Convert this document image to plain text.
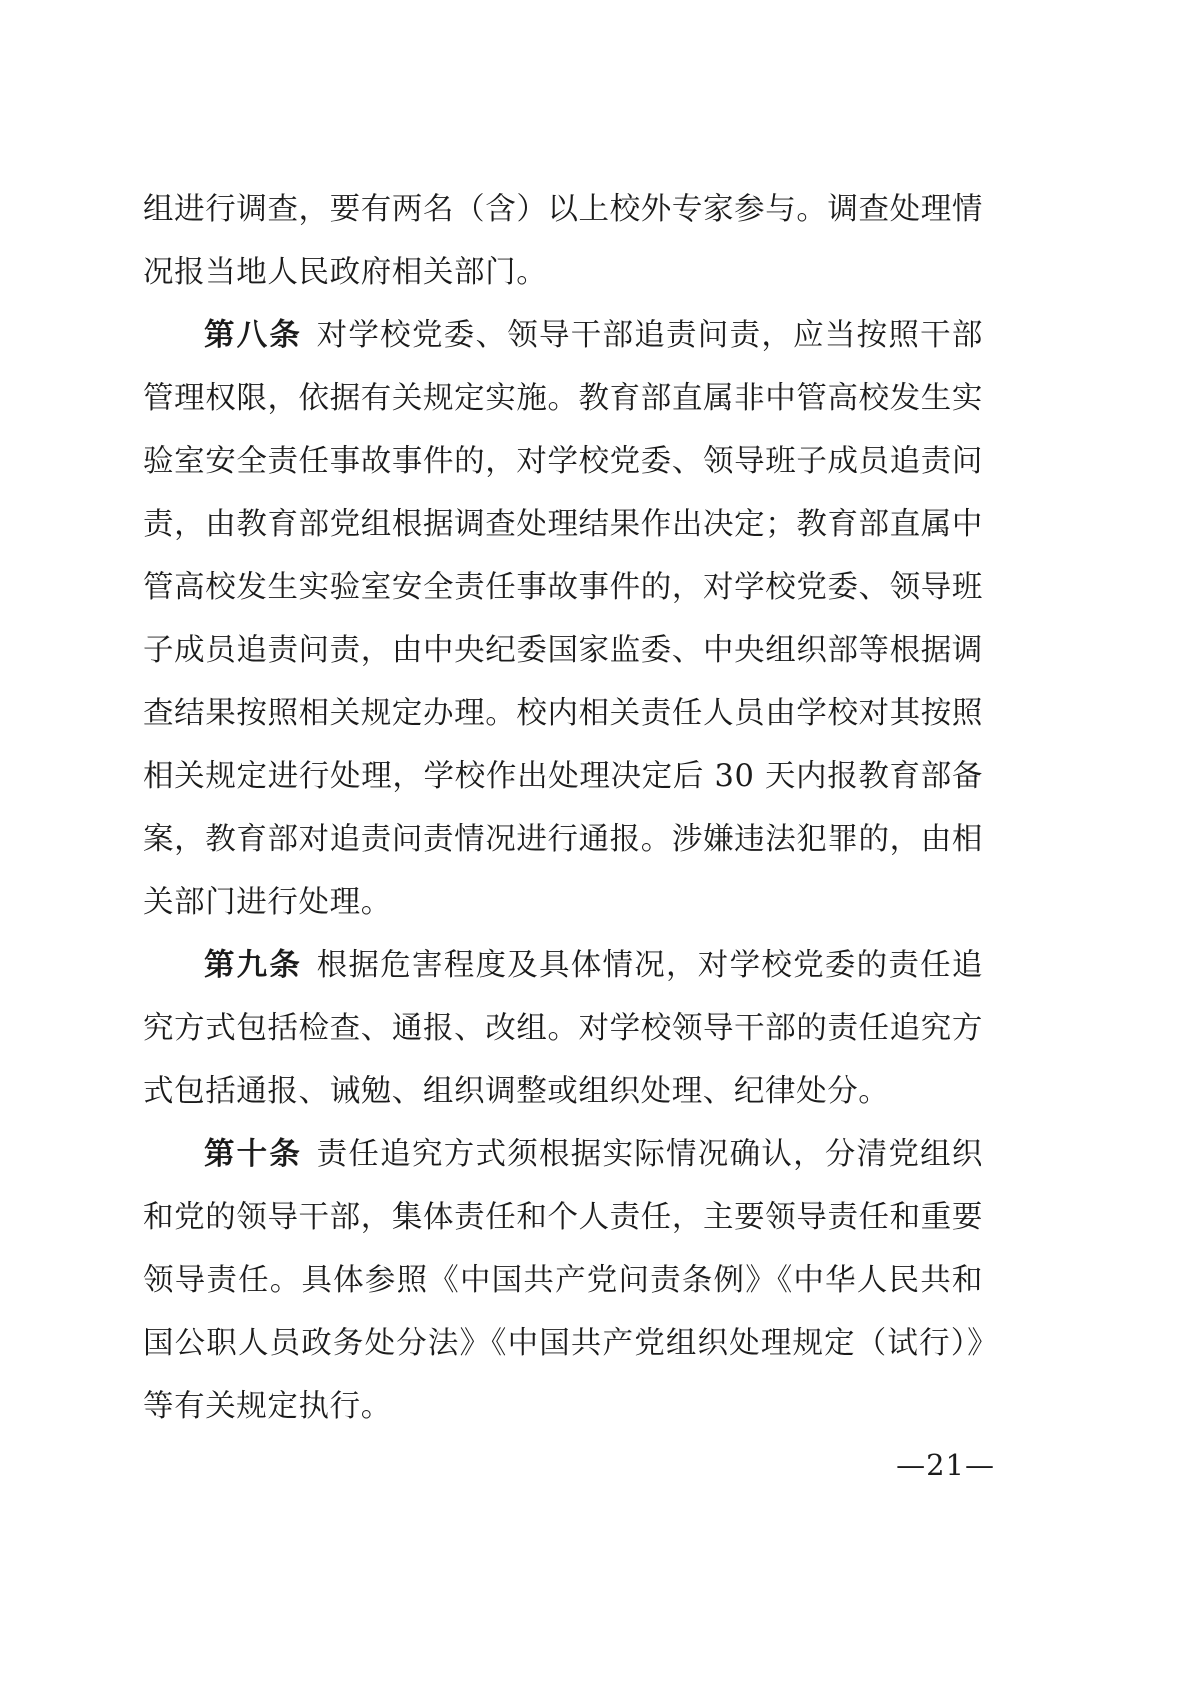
组进行调查，要有两名（含）以上校外专家参与。调查处理情况报当地人民政府相关部门。

第八条 对学校党委、领导干部追责问责，应当按照干部管理权限，依据有关规定实施。教育部直属非中管高校发生实验室安全责任事故事件的，对学校党委、领导班子成员追责问责，由教育部党组根据调查处理结果作出决定；教育部直属中管高校发生实验室安全责任事故事件的，对学校党委、领导班子成员追责问责，由中央纪委国家监委、中央组织部等根据调查结果按照相关规定办理。校内相关责任人员由学校对其按照相关规定进行处理，学校作出处理决定后 30 天内报教育部备案，教育部对追责问责情况进行通报。涉嫌违法犯罪的，由相关部门进行处理。

第九条 根据危害程度及具体情况，对学校党委的责任追究方式包括检查、通报、改组。对学校领导干部的责任追究方式包括通报、诫勉、组织调整或组织处理、纪律处分。

第十条 责任追究方式须根据实际情况确认，分清党组织和党的领导干部，集体责任和个人责任，主要领导责任和重要领导责任。具体参照《中国共产党问责条例》《中华人民共和国公职人员政务处分法》《中国共产党组织处理规定（试行）》等有关规定执行。

—21—
